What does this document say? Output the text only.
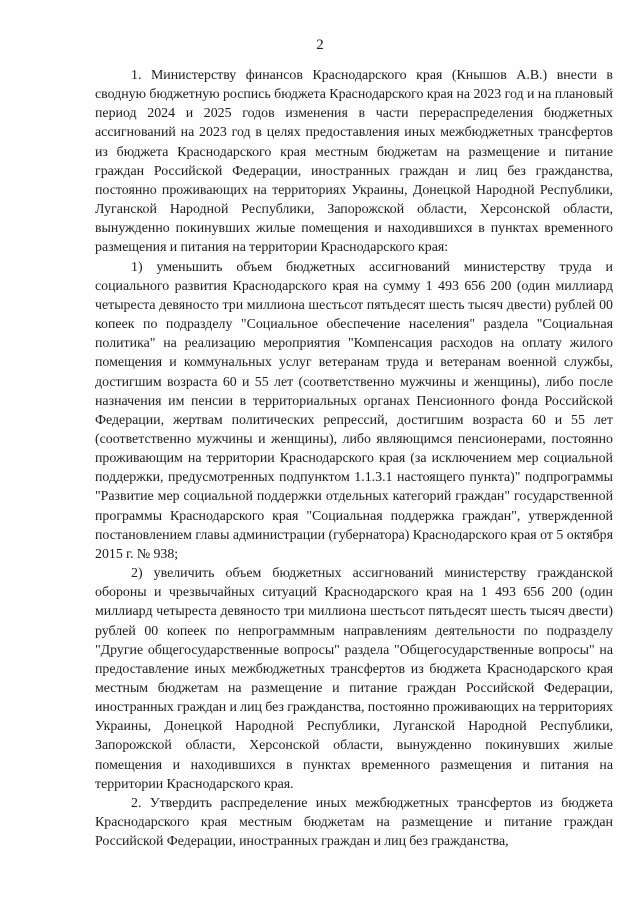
2

1. Министерству финансов Краснодарского края (Кнышов А.В.) внести в сводную бюджетную роспись бюджета Краснодарского края на 2023 год и на плановый период 2024 и 2025 годов изменения в части перераспределения бюджетных ассигнований на 2023 год в целях предоставления иных межбюджетных трансфертов из бюджета Краснодарского края местным бюджетам на размещение и питание граждан Российской Федерации, иностранных граждан и лиц без гражданства, постоянно проживающих на территориях Украины, Донецкой Народной Республики, Луганской Народной Республики, Запорожской области, Херсонской области, вынужденно покинувших жилые помещения и находившихся в пунктах временного размещения и питания на территории Краснодарского края:

1) уменьшить объем бюджетных ассигнований министерству труда и социального развития Краснодарского края на сумму 1 493 656 200 (один миллиард четыреста девяносто три миллиона шестьсот пятьдесят шесть тысяч двести) рублей 00 копеек по подразделу "Социальное обеспечение населения" раздела "Социальная политика" на реализацию мероприятия "Компенсация расходов на оплату жилого помещения и коммунальных услуг ветеранам труда и ветеранам военной службы, достигшим возраста 60 и 55 лет (соответственно мужчины и женщины), либо после назначения им пенсии в территориальных органах Пенсионного фонда Российской Федерации, жертвам политических репрессий, достигшим возраста 60 и 55 лет (соответственно мужчины и женщины), либо являющимся пенсионерами, постоянно проживающим на территории Краснодарского края (за исключением мер социальной поддержки, предусмотренных подпунктом 1.1.3.1 настоящего пункта)" подпрограммы "Развитие мер социальной поддержки отдельных категорий граждан" государственной программы Краснодарского края "Социальная поддержка граждан", утвержденной постановлением главы администрации (губернатора) Краснодарского края от 5 октября 2015 г. № 938;

2) увеличить объем бюджетных ассигнований министерству гражданской обороны и чрезвычайных ситуаций Краснодарского края на 1 493 656 200 (один миллиард четыреста девяносто три миллиона шестьсот пятьдесят шесть тысяч двести) рублей 00 копеек по непрограммным направлениям деятельности по подразделу "Другие общегосударственные вопросы" раздела "Общегосударственные вопросы" на предоставление иных межбюджетных трансфертов из бюджета Краснодарского края местным бюджетам на размещение и питание граждан Российской Федерации, иностранных граждан и лиц без гражданства, постоянно проживающих на территориях Украины, Донецкой Народной Республики, Луганской Народной Республики, Запорожской области, Херсонской области, вынужденно покинувших жилые помещения и находившихся в пунктах временного размещения и питания на территории Краснодарского края.

2. Утвердить распределение иных межбюджетных трансфертов из бюджета Краснодарского края местным бюджетам на размещение и питание граждан Российской Федерации, иностранных граждан и лиц без гражданства,
